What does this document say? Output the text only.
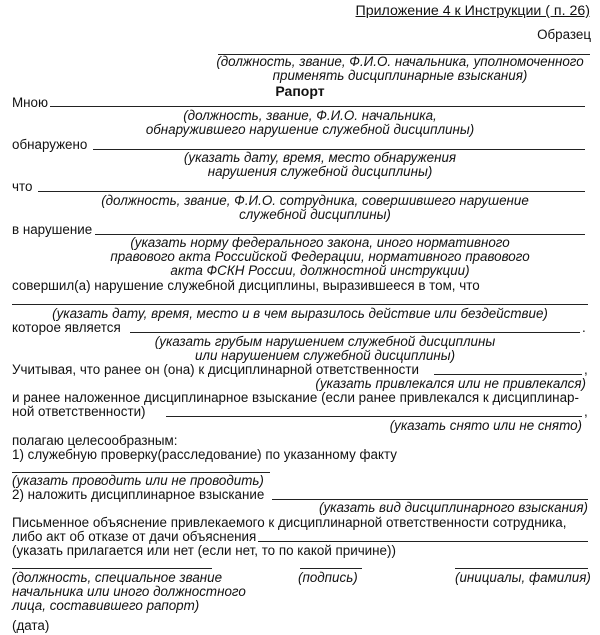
Приложение 4 к Инструкции ( п. 26)
Образец
(должность, звание, Ф.И.О. начальника, уполномоченного
применять дисциплинарные взыскания)
Рапорт
Мною
(должность, звание, Ф.И.О. начальника,
обнаружившего нарушение служебной дисциплины)
обнаружено
(указать дату, время, место обнаружения
нарушения служебной дисциплины)
что
(должность, звание, Ф.И.О. сотрудника, совершившего нарушение
служебной дисциплины)
в нарушение
(указать норму федерального закона, иного нормативного
правового акта Российской Федерации, нормативного правового
акта ФСКН России, должностной инструкции)
совершил(а) нарушение служебной дисциплины, выразившееся в том, что
(указать дату, время, место и в чем выразилось действие или бездействие)
которое является	.
(указать грубым нарушением служебной дисциплины
или нарушением служебной дисциплины)
Учитывая, что ранее он (она) к дисциплинарной ответственности	,
(указать привлекался или не привлекался)
и ранее наложенное дисциплинарное взыскание (если ранее привлекался к дисциплинар-
ной ответственности)	,
(указать снято или не снято)
полагаю целесообразным:
1) служебную проверку(расследование) по указанному факту
(указать проводить или не проводить)
2) наложить дисциплинарное взыскание
(указать вид дисциплинарного взыскания)
Письменное объяснение привлекаемого к дисциплинарной ответственности сотрудника,
либо акт об отказе от дачи объяснения
(указать прилагается или нет (если нет, то по какой причине))
(должность, специальное звание	(подпись)	(инициалы, фамилия)
начальника или иного должностного
лица, составившего рапорт)
(дата)
